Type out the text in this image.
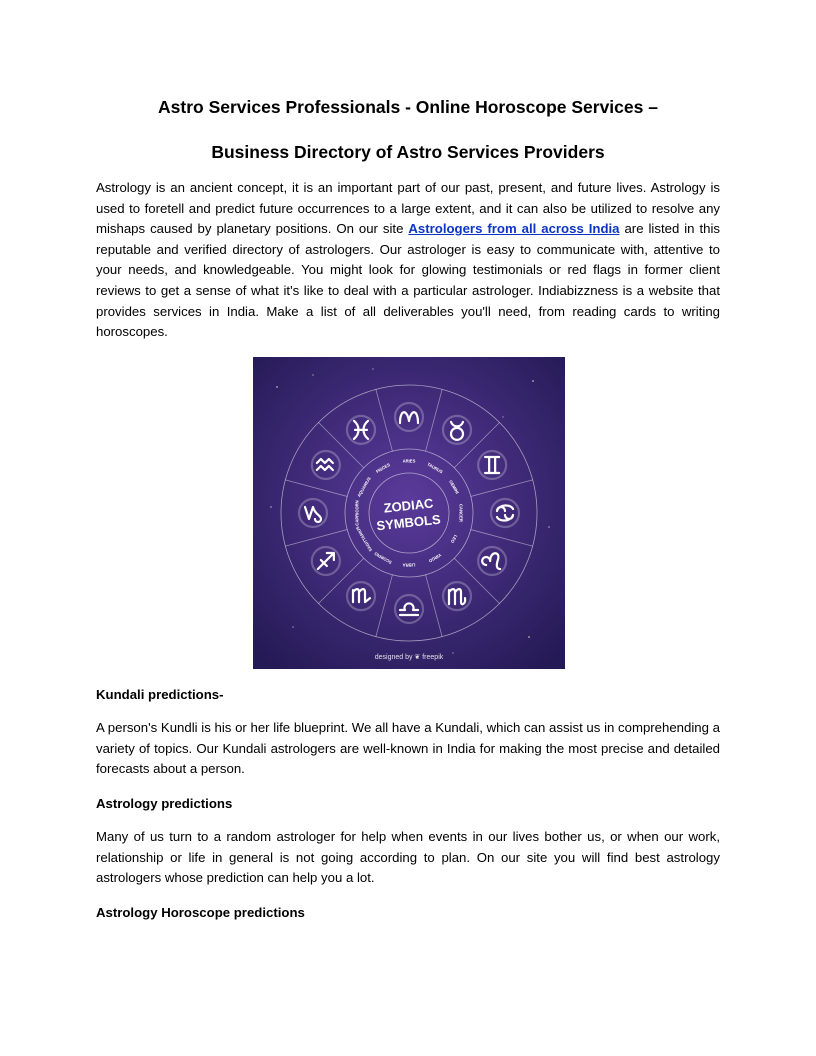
Astro Services Professionals - Online Horoscope Services –
Business Directory of Astro Services Providers

Astrology is an ancient concept, it is an important part of our past, present, and future lives. Astrology is used to foretell and predict future occurrences to a large extent, and it can also be utilized to resolve any mishaps caused by planetary positions. On our site Astrologers from all across India are listed in this reputable and verified directory of astrologers. Our astrologer is easy to communicate with, attentive to your needs, and knowledgeable. You might look for glowing testimonials or red flags in former client reviews to get a sense of what it's like to deal with a particular astrologer. Indiabizzness is a website that provides services in India. Make a list of all deliverables you'll need, from reading cards to writing horoscopes.

ARIES
TAURUS
GEMINI
CANCER
LEO
VIRGO
LIBRA
SCORPIO
SAGITTARIUS
CAPRICORN
AQUARIUS
PISCES
ZODIAC
SYMBOLS
designed by ❦ freepik

Kundali predictions-

A person's Kundli is his or her life blueprint. We all have a Kundali, which can assist us in comprehending a variety of topics. Our Kundali astrologers are well-known in India for making the most precise and detailed forecasts about a person.

Astrology predictions

Many of us turn to a random astrologer for help when events in our lives bother us, or when our work, relationship or life in general is not going according to plan. On our site you will find best astrology astrologers whose prediction can help you a lot.

Astrology Horoscope predictions
